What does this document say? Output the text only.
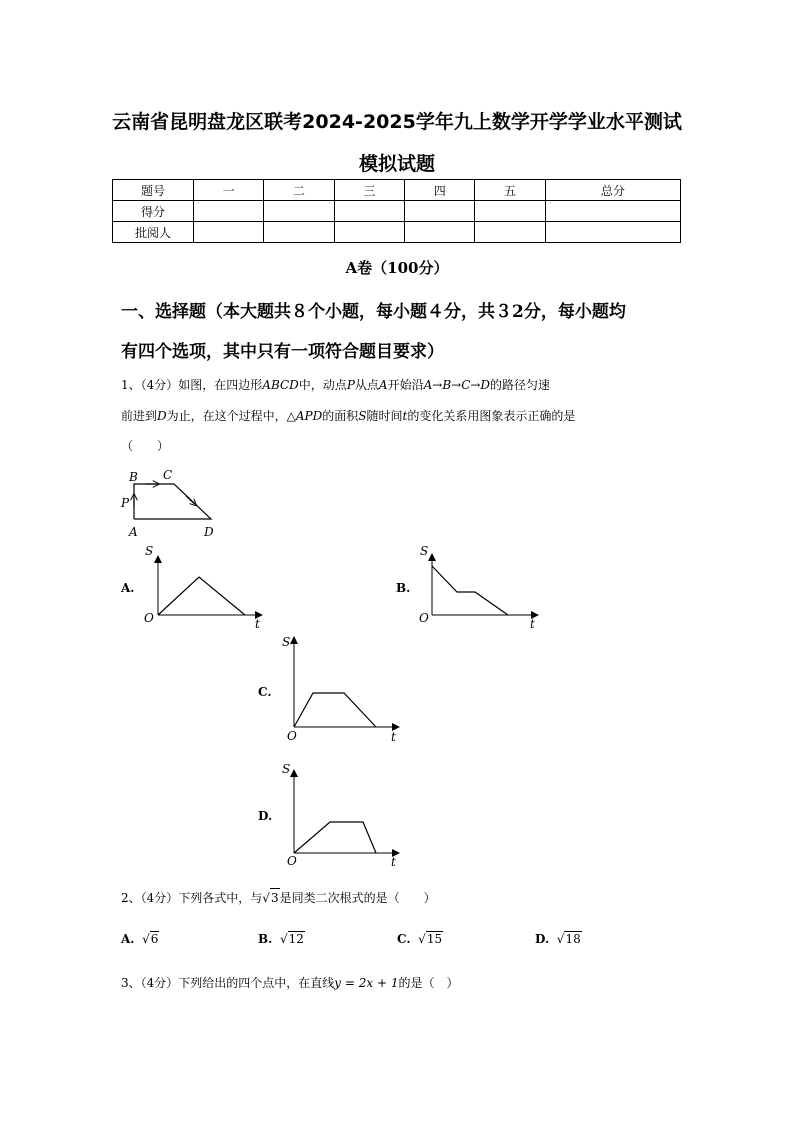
云南省昆明盘龙区联考2024-2025学年九上数学开学学业水平测试
模拟试题
题号	一	二	三	四	五	总分
得分						
批阅人						
A卷（100分）
一、选择题（本大题共８个小题，每小题４分，共３2分，每小题均
有四个选项，其中只有一项符合题目要求）
1、（4分）如图，在四边形ABCD中，动点P从点A开始沿A→B→C→D的路径匀速
前进到D为止，在这个过程中，△APD的面积S随时间t的变化关系用图象表示正确的是
（　　）
B C
P
A	D
S
O	t
S
O	t
S
O	t
S
O	t
A.	B.
C.
D.
2、（4分）下列各式中，与√3是同类二次根式的是（　　）
A. √6	B. √12	C. √15	D. √18
3、（4分）下列给出的四个点中，在直线y = 2x + 1的是（　）
